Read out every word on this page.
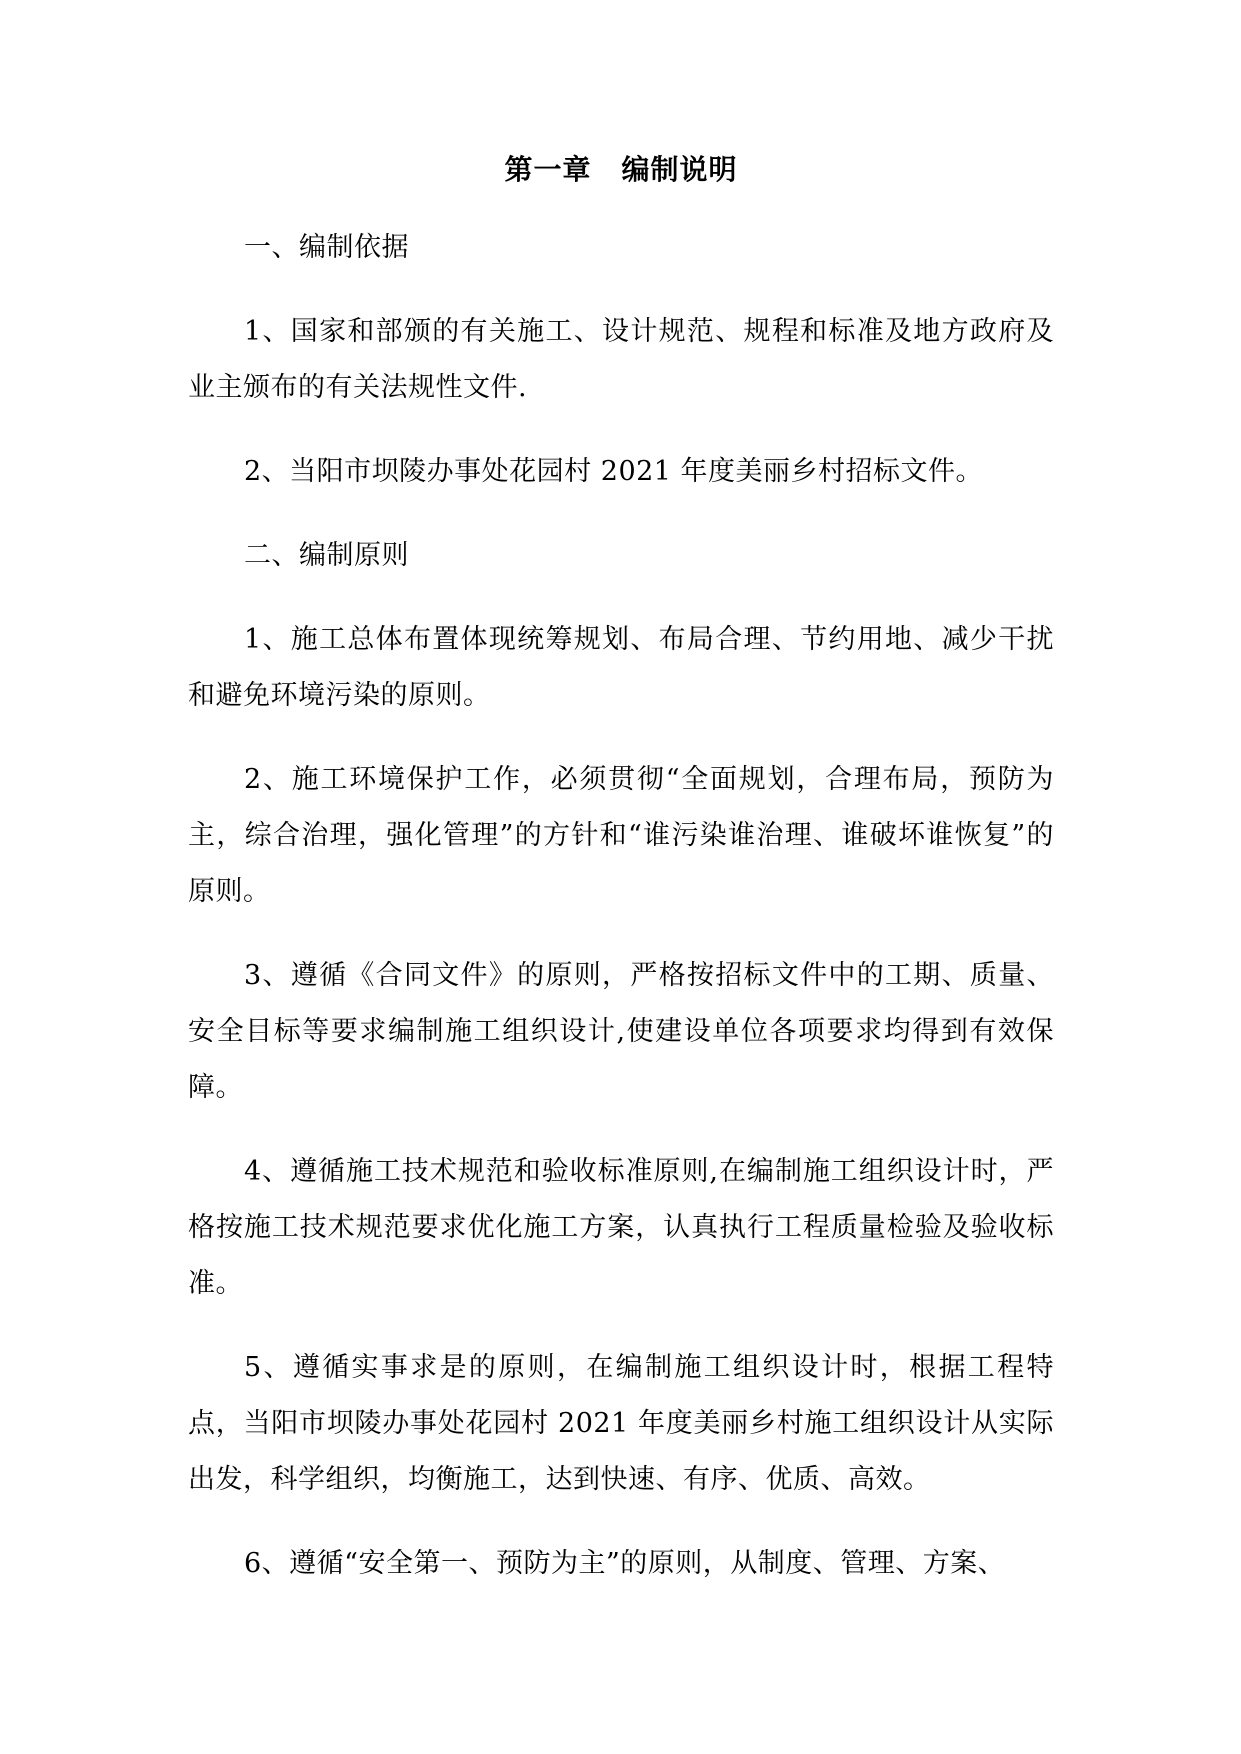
第一章 编制说明

一、编制依据

1、国家和部颁的有关施工、设计规范、规程和标准及地方政府及业主颁布的有关法规性文件.

2、当阳市坝陵办事处花园村 2021 年度美丽乡村招标文件。

二、编制原则

1、施工总体布置体现统筹规划、布局合理、节约用地、减少干扰和避免环境污染的原则。

2、施工环境保护工作，必须贯彻“全面规划，合理布局，预防为主，综合治理，强化管理”的方针和“谁污染谁治理、谁破坏谁恢复”的原则。

3、遵循《合同文件》的原则，严格按招标文件中的工期、质量、安全目标等要求编制施工组织设计,使建设单位各项要求均得到有效保障。

4、遵循施工技术规范和验收标准原则,在编制施工组织设计时，严格按施工技术规范要求优化施工方案，认真执行工程质量检验及验收标准。

5、遵循实事求是的原则，在编制施工组织设计时，根据工程特点，当阳市坝陵办事处花园村 2021 年度美丽乡村施工组织设计从实际出发，科学组织，均衡施工，达到快速、有序、优质、高效。

6、遵循“安全第一、预防为主”的原则，从制度、管理、方案、
